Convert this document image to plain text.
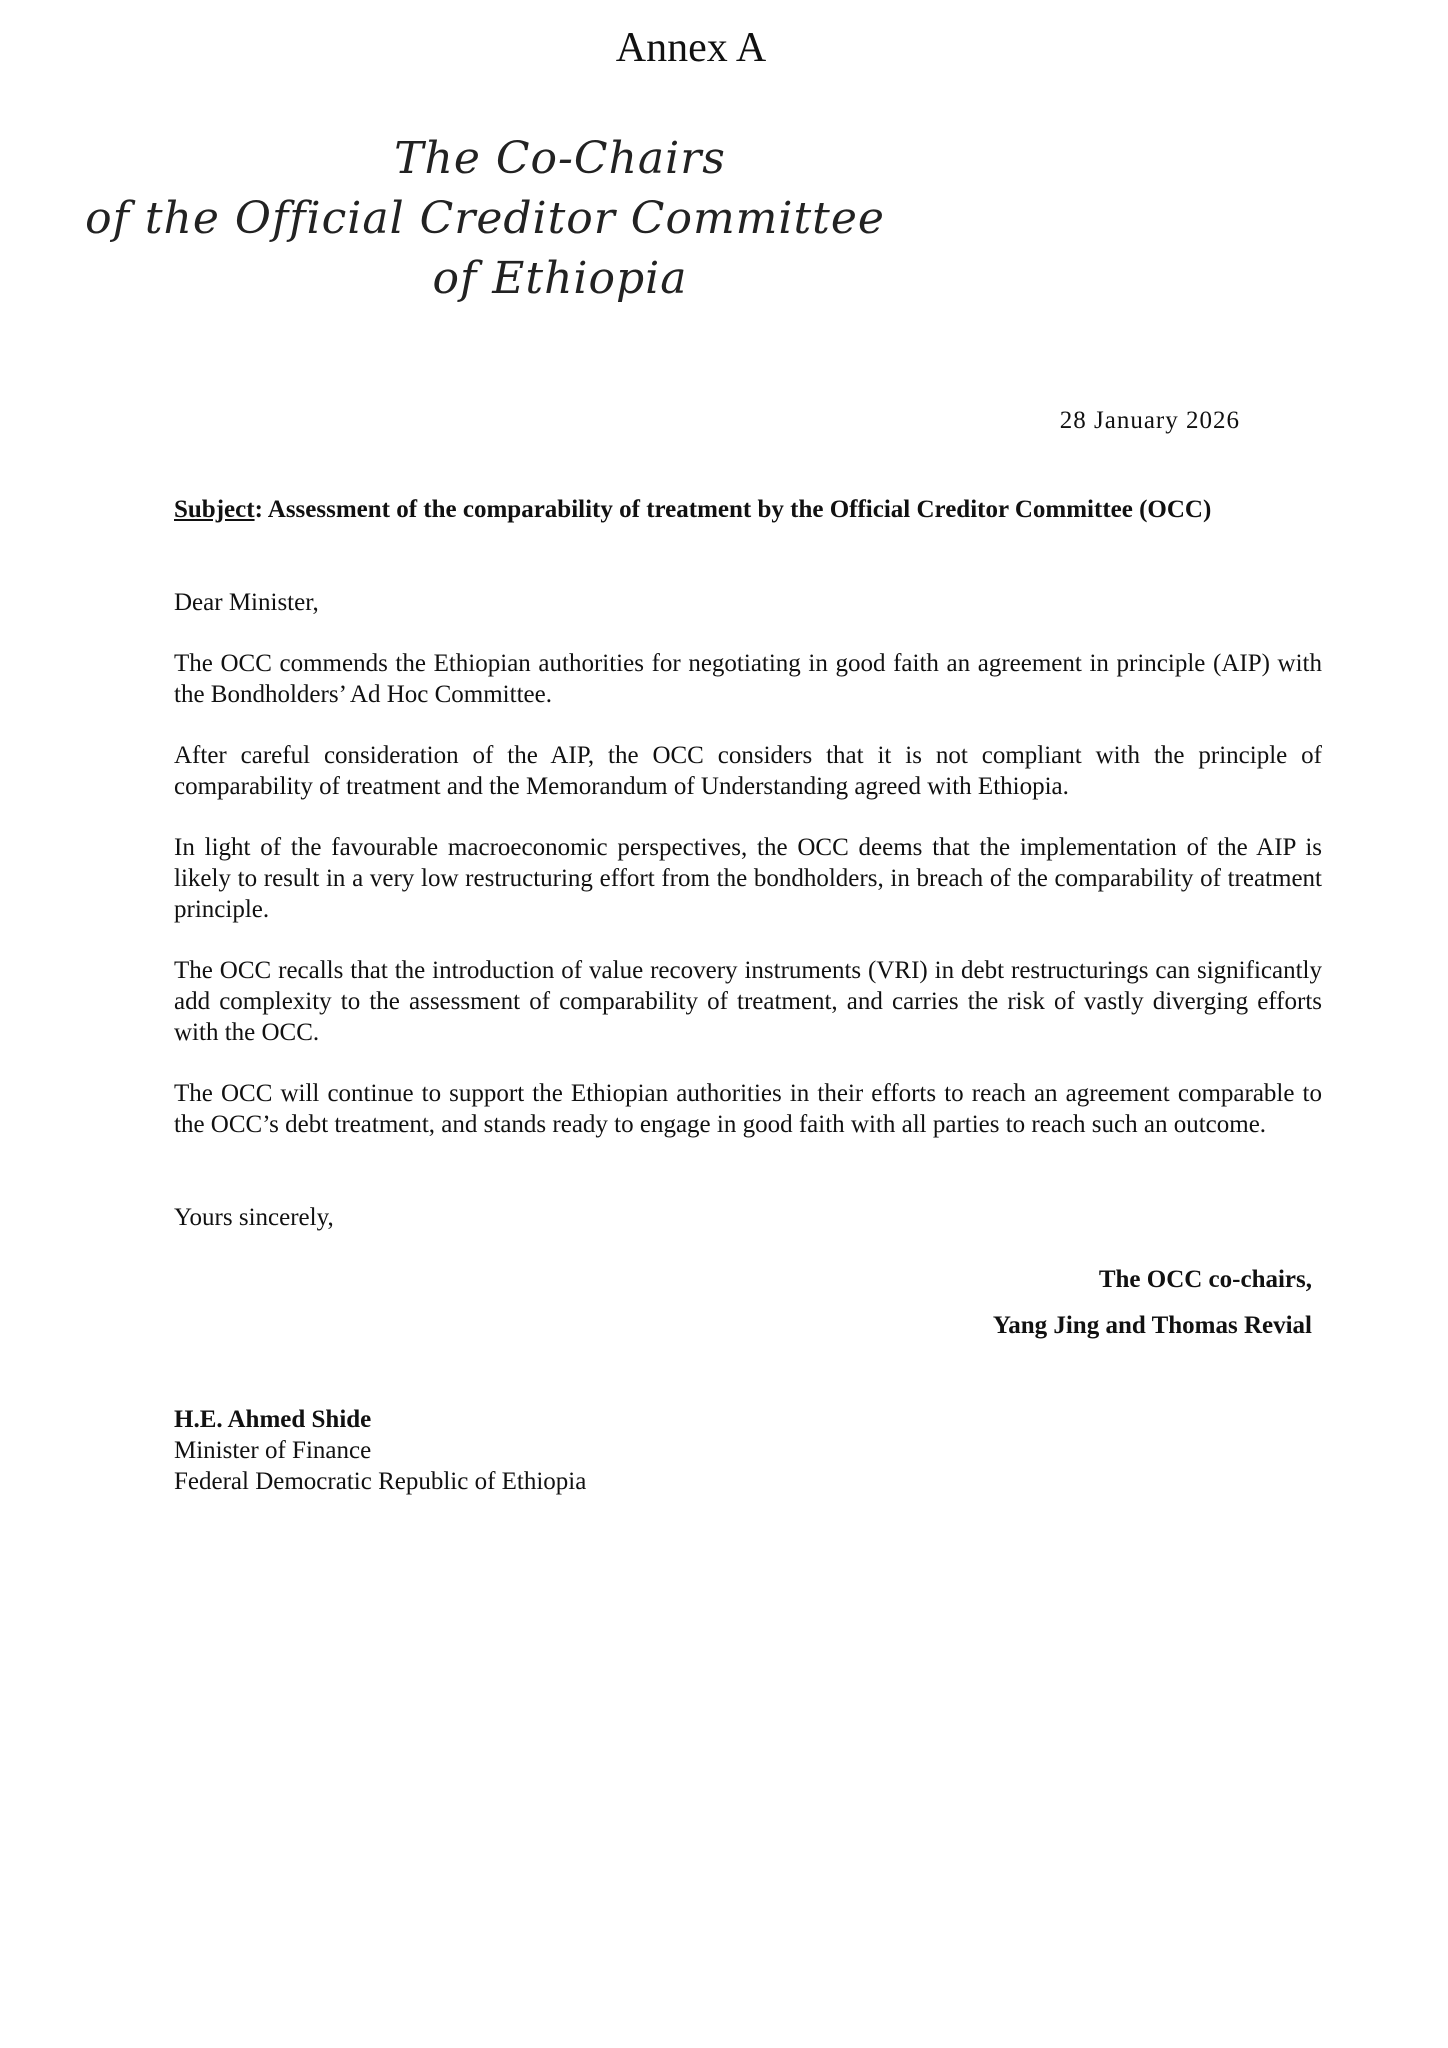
Annex A
The Co-Chairs
of the Official Creditor Committee
of Ethiopia
28 January 2026
Subject: Assessment of the comparability of treatment by the Official Creditor Committee (OCC)
Dear Minister,
The OCC commends the Ethiopian authorities for negotiating in good faith an agreement in principle (AIP) with the Bondholders’ Ad Hoc Committee.
After careful consideration of the AIP, the OCC considers that it is not compliant with the principle of comparability of treatment and the Memorandum of Understanding agreed with Ethiopia.
In light of the favourable macroeconomic perspectives, the OCC deems that the implementation of the AIP is likely to result in a very low restructuring effort from the bondholders, in breach of the comparability of treatment principle.
The OCC recalls that the introduction of value recovery instruments (VRI) in debt restructurings can significantly add complexity to the assessment of comparability of treatment, and carries the risk of vastly diverging efforts with the OCC.
The OCC will continue to support the Ethiopian authorities in their efforts to reach an agreement comparable to the OCC’s debt treatment, and stands ready to engage in good faith with all parties to reach such an outcome.
Yours sincerely,
The OCC co-chairs,
Yang Jing and Thomas Revial
H.E. Ahmed Shide
Minister of Finance
Federal Democratic Republic of Ethiopia
